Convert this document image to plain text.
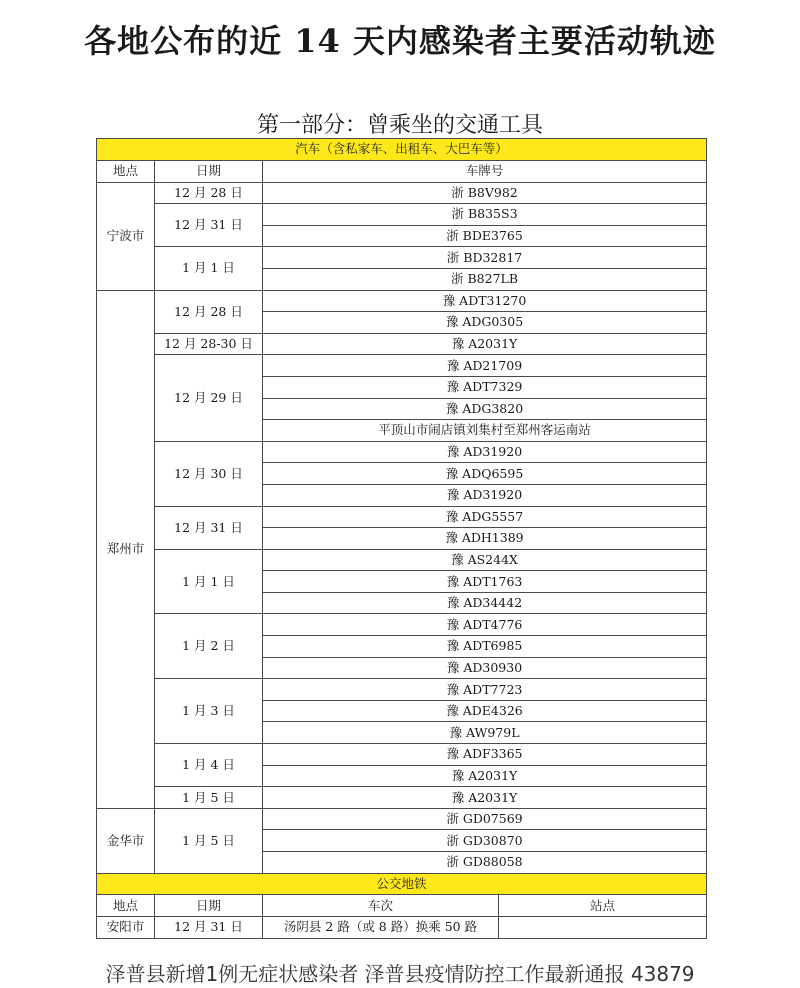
各地公布的近 14 天内感染者主要活动轨迹
第一部分：曾乘坐的交通工具
汽车（含私家车、出租车、大巴车等）			
地点	日期	车牌号	
宁波市	12 月 28 日	浙 B8V982	
	12 月 31 日	浙 B835S3	
		浙 BDE3765	
	1 月 1 日	浙 BD32817	
		浙 B827LB	
郑州市	12 月 28 日	豫 ADT31270	
		豫 ADG0305	
	12 月 28-30 日	豫 A2031Y	
	12 月 29 日	豫 AD21709	
		豫 ADT7329	
		豫 ADG3820	
		平顶山市闹店镇刘集村至郑州客运南站	
	12 月 30 日	豫 AD31920	
		豫 ADQ6595	
		豫 AD31920	
	12 月 31 日	豫 ADG5557	
		豫 ADH1389	
	1 月 1 日	豫 AS244X	
		豫 ADT1763	
		豫 AD34442	
	1 月 2 日	豫 ADT4776	
		豫 ADT6985	
		豫 AD30930	
	1 月 3 日	豫 ADT7723	
		豫 ADE4326	
		豫 AW979L	
	1 月 4 日	豫 ADF3365	
		豫 A2031Y	
	1 月 5 日	豫 A2031Y	
金华市	1 月 5 日	浙 GD07569	
		浙 GD30870	
		浙 GD88058	
公交地铁			
地点	日期	车次	站点
安阳市	12 月 31 日	汤阴县 2 路（或 8 路）换乘 50 路	
泽普县新增1例无症状感染者 泽普县疫情防控工作最新通报 43879
